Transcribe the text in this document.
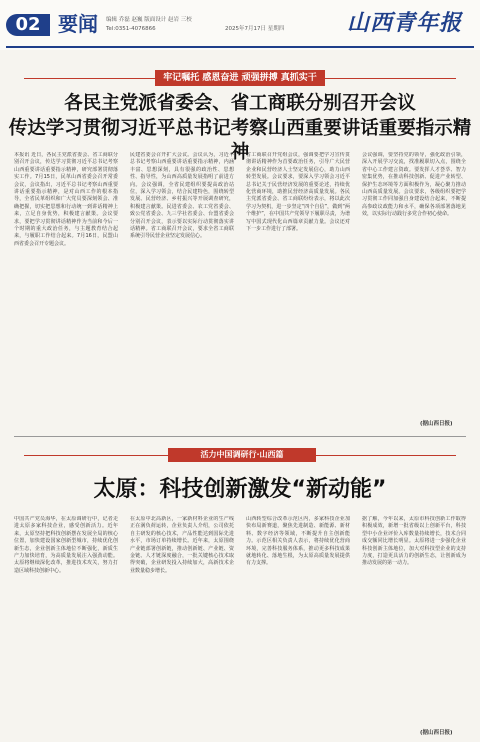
02 要闻 编辑 乔磊 赵巍 版面设计 赵岩 三校
Tel:0351-4076866	2025年7月17日 星期四	山西青年报
牢记嘱托 感恩奋进 顽强拼搏 真抓实干
各民主党派省委会、省工商联分别召开会议
传达学习贯彻习近平总书记考察山西重要讲话重要指示精神
本报讯 近日，各民主党派省委会、省工商联分别召开会议，传达学习贯彻习近平总书记考察山西重要讲话重要指示精神，研究部署贯彻落实工作。7月15日，民革山西省委会召开常委会议，会议指出，习近平总书记考察山西重要讲话重要指示精神，是对山西工作的根本指导，全省民革组织和广大党员要深刻领会、准确把握，切实把思想和行动统一到讲话精神上来，立足自身优势，积极建言献策。会议要求，要把学习贯彻讲话精神作为当前和今后一个时期的重大政治任务，与主题教育结合起来，与履职工作结合起来。7月16日，民盟山西省委会召开专题会议。
民建省委会召开扩大会议。会议认为，习近平总书记考察山西重要讲话重要指示精神，内涵丰富、思想深刻，具有很强的政治性、思想性、指导性，为山西高质量发展指明了前进方向。会议强调，全省民建组织要提高政治站位，深入学习领会，结合民建特色，围绕转型发展、民营经济、乡村振兴等开展调查研究，积极建言献策。民进省委会、农工党省委会、致公党省委会、九三学社省委会、台盟省委会分别召开会议，表示要以实际行动贯彻落实讲话精神。省工商联召开会议，要求全省工商联系统引导民营企业坚定发展信心。
省工商联召开党组会议，强调要把学习宣传贯彻讲话精神作为首要政治任务，引导广大民营企业和民营经济人士坚定发展信心，助力山西转型发展。会议要求，要深入学习领会习近平总书记关于民营经济发展的重要论述，持续优化营商环境，助推民营经济高质量发展。各民主党派省委会、省工商联纷纷表示，将以此次学习为契机，进一步坚定“四个自信”，做到“两个维护”，在中国共产党领导下履职尽责，为谱写中国式现代化山西篇章贡献力量。会议还对下一步工作进行了部署。
会议强调，要坚持党的领导，强化政治引领，深入开展学习交流，找准履职切入点，围绕全省中心工作建言资政。要发挥人才荟萃、智力密集优势，在推动科技创新、促进产业转型、保护生态环境等方面积极作为，凝心聚力推动山西高质量发展。会议要求，各级组织要把学习贯彻工作同加强自身建设结合起来，不断提高参政议政能力和水平，确保各项部署落地见效，以实际行动践行多党合作初心使命。
(据山西日报)
活力中国调研行·山西篇
太原：科技创新激发“新动能”
中国共产党员海华，在太原调研行中，记者走进太原多家科技企业，感受创新活力。近年来，太原坚持把科技创新摆在发展全局的核心位置，加快建设国家创新型城市，持续优化创新生态，企业创新主体地位不断强化，新质生产力加快培育，为高质量发展注入强劲动能。太原将继续深化改革，推进技术攻关，努力打造区域科技创新中心。
在太原中北高新区，一家新材料企业的生产线正在满负荷运转，企业负责人介绍，公司依托自主研发的核心技术，产品性能达到国际先进水平，市场订单持续增长。近年来，太原围绕产业链部署创新链，推动创新链、产业链、资金链、人才链深度融合，一批关键核心技术取得突破，企业研发投入持续加大，高新技术企业数量稳步增长。
山西转型综合改革示范区内，多家科技企业加快布局新赛道，聚焦先进制造、新能源、新材料、数字经济等领域，不断提升自主创新能力。示范区相关负责人表示，将持续优化营商环境，完善科技服务体系，推动更多科技成果就地转化、落地生根，为太原高质量发展提供有力支撑。
据了解，今年以来，太原市科技创新工作取得积极成效，新增一批省级以上创新平台，科技型中小企业评价入库数量持续增长，技术合同成交额同比增长明显。太原将进一步强化企业科技创新主体地位，加大对科技型企业的支持力度，打造更具活力的创新生态，让创新成为推动发展的第一动力。
(据山西日报)
